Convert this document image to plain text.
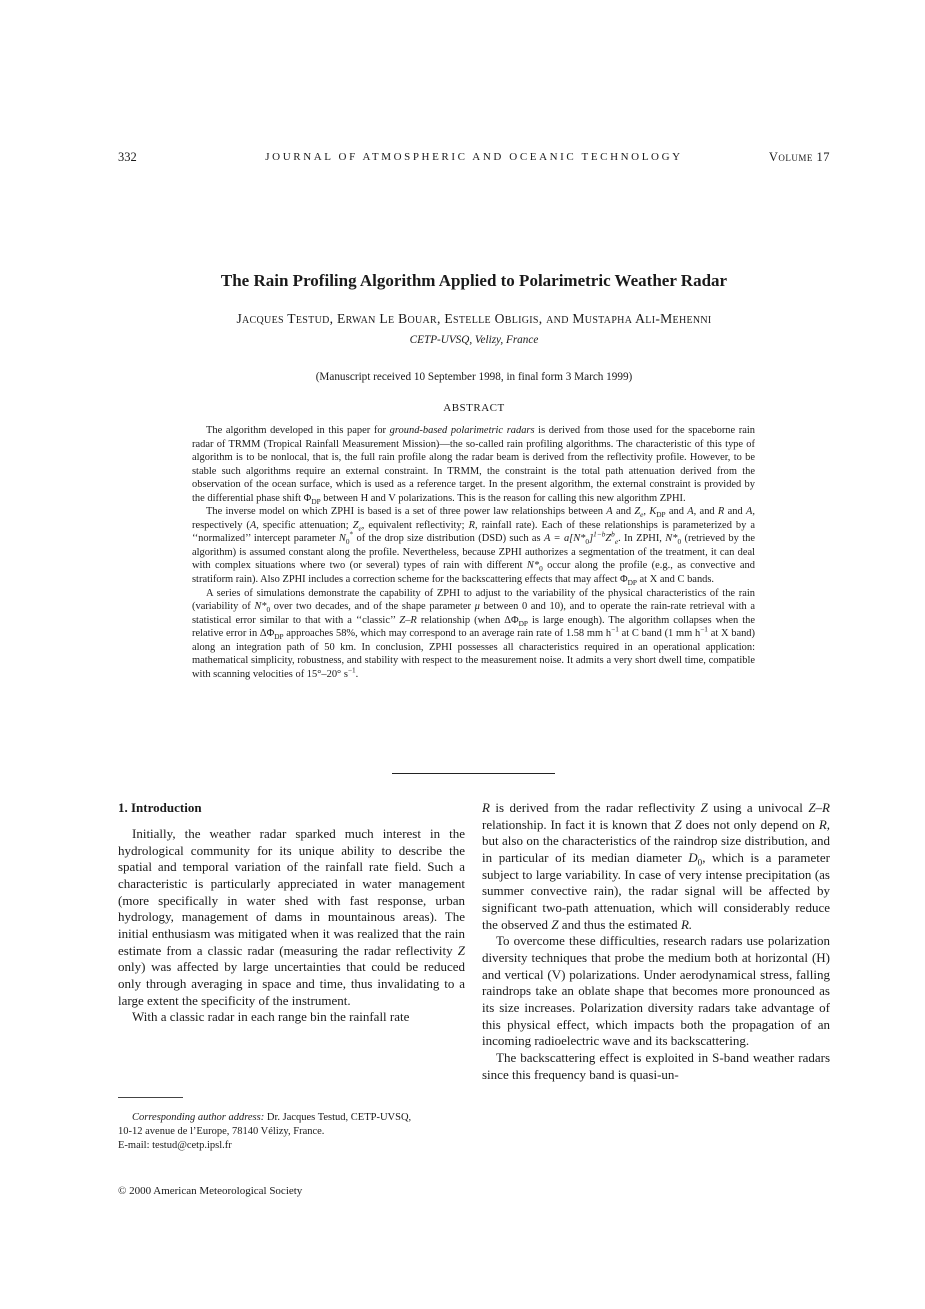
332	JOURNAL OF ATMOSPHERIC AND OCEANIC TECHNOLOGY	Volume 17
The Rain Profiling Algorithm Applied to Polarimetric Weather Radar
Jacques Testud, Erwan Le Bouar, Estelle Obligis, and Mustapha Ali-Mehenni
CETP-UVSQ, Velizy, France
(Manuscript received 10 September 1998, in final form 3 March 1999)
ABSTRACT

The algorithm developed in this paper for ground-based polarimetric radars is derived from those used for the spaceborne rain radar of TRMM (Tropical Rainfall Measurement Mission)—the so-called rain profiling algorithms. The characteristic of this type of algorithm is to be nonlocal, that is, the full rain profile along the radar beam is derived from the reflectivity profile. However, to be stable such algorithms require an external constraint. In TRMM, the constraint is the total path attenuation derived from the observation of the ocean surface, which is used as a reference target. In the present algorithm, the external constraint is provided by the differential phase shift $\Phi_{DP}$ between H and V polarizations. This is the reason for calling this new algorithm ZPHI.

The inverse model on which ZPHI is based is a set of three power law relationships between A and $Z_e$, $K_{DP}$ and A, and R and A, respectively (A, specific attenuation; $Z_e$, equivalent reflectivity; R, rainfall rate). Each of these relationships is parameterized by a ‘‘normalized’’ intercept parameter $N_0^*$ of the drop size distribution (DSD) such as $A = a[N*_0]^{1-b}Z^b_e$. In ZPHI, $N*_0$ (retrieved by the algorithm) is assumed constant along the profile. Nevertheless, because ZPHI authorizes a segmentation of the treatment, it can deal with complex situations where two (or several) types of rain with different $N*_0$ occur along the profile (e.g., as convective and stratiform rain). Also ZPHI includes a correction scheme for the backscattering effects that may affect $\Phi_{DP}$ at X and C bands.

A series of simulations demonstrate the capability of ZPHI to adjust to the variability of the physical characteristics of the rain (variability of $N*_0$ over two decades, and of the shape parameter μ between 0 and 10), and to operate the rain-rate retrieval with a statistical error similar to that with a ‘‘classic’’ Z–R relationship (when $\Delta\Phi_{DP}$ is large enough). The algorithm collapses when the relative error in $\Delta\Phi_{DP}$ approaches 58%, which may correspond to an average rain rate of 1.58 mm $h^{-1}$ at C band (1 mm $h^{-1}$ at X band) along an integration path of 50 km. In conclusion, ZPHI possesses all characteristics required in an operational application: mathematical simplicity, robustness, and stability with respect to the measurement noise. It admits a very short dwell time, compatible with scanning velocities of 15°–20° $s^{-1}$.

1. Introduction

Initially, the weather radar sparked much interest in the hydrological community for its unique ability to describe the spatial and temporal variation of the rainfall rate field. Such a characteristic is particularly appreciated in water management (more specifically in water shed with fast response, urban hydrology, management of dams in mountainous areas). The initial enthusiasm was mitigated when it was realized that the rain estimate from a classic radar (measuring the radar reflectivity Z only) was affected by large uncertainties that could be reduced only through averaging in space and time, thus invalidating to a large extent the specificity of the instrument.

With a classic radar in each range bin the rainfall rate

R is derived from the radar reflectivity Z using a univocal Z–R relationship. In fact it is known that Z does not only depend on R, but also on the characteristics of the raindrop size distribution, and in particular of its median diameter $D_0$, which is a parameter subject to large variability. In case of very intense precipitation (as summer convective rain), the radar signal will be affected by significant two-path attenuation, which will considerably reduce the observed Z and thus the estimated R.

To overcome these difficulties, research radars use polarization diversity techniques that probe the medium both at horizontal (H) and vertical (V) polarizations. Under aerodynamical stress, falling raindrops take an oblate shape that becomes more pronounced as its size increases. Polarization diversity radars take advantage of this physical effect, which impacts both the propagation of an incoming radioelectric wave and its backscattering.

The backscattering effect is exploited in S-band weather radars since this frequency band is quasi-un-

Corresponding author address: Dr. Jacques Testud, CETP-UVSQ,

10-12 avenue de l’Europe, 78140 Vélizy, France.

E-mail: testud@cetp.ipsl.fr

© 2000 American Meteorological Society
